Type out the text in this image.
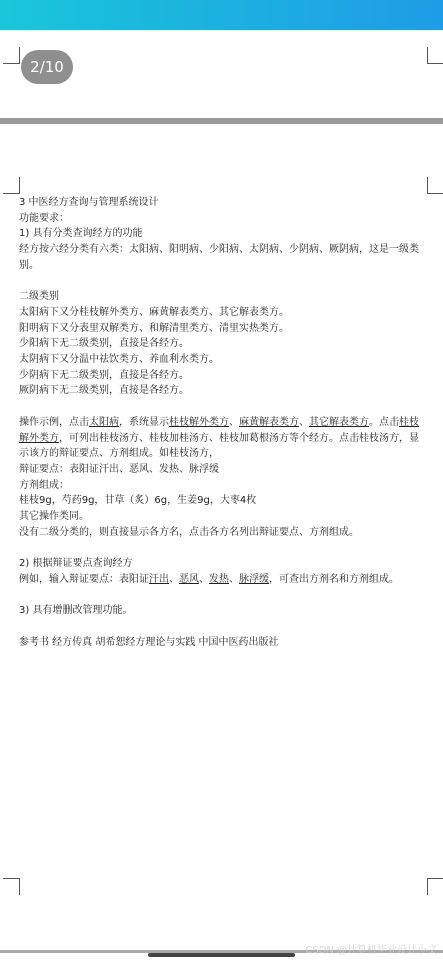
2/10

3 中医经方查询与管理系统设计

功能要求：

1) 具有分类查询经方的功能

经方按六经分类有六类：太阳病、阳明病、少阳病、太阴病、少阴病、厥阴病，这是一级类别。

二级类别

太阳病下又分桂枝解外类方、麻黄解表类方、其它解表类方。

阳明病下又分表里双解类方、和解清里类方、清里实热类方。

少阳病下无二级类别，直接是各经方。

太阴病下又分温中祛饮类方、养血利水类方。

少阴病下无二级类别，直接是各经方。

厥阴病下无二级类别，直接是各经方。

操作示例，点击太阳病，系统显示桂枝解外类方、麻黄解表类方、其它解表类方。点击桂枝解外类方，可列出桂枝汤方、桂枝加桂汤方、桂枝加葛根汤方等个经方。点击桂枝汤方，显示该方的辩证要点、方剂组成。如桂枝汤方，

辩证要点：表阳证汗出、恶风、发热、脉浮缓

方剂组成：

桂枝9g，芍药9g，甘草（炙）6g，生姜9g，大枣4枚

其它操作类同。

没有二级分类的，则直接显示各方名，点击各方名列出辩证要点、方剂组成。

2) 根据辩证要点查询经方

例如，输入辩证要点：表阳证汗出、恶风、发热、脉浮缓，可查出方剂名和方剂组成。

3) 具有增删改管理功能。

参考书 经方传真 胡希恕经方理论与实践 中国中医药出版社

CSDN @计算机毕业设计小文
